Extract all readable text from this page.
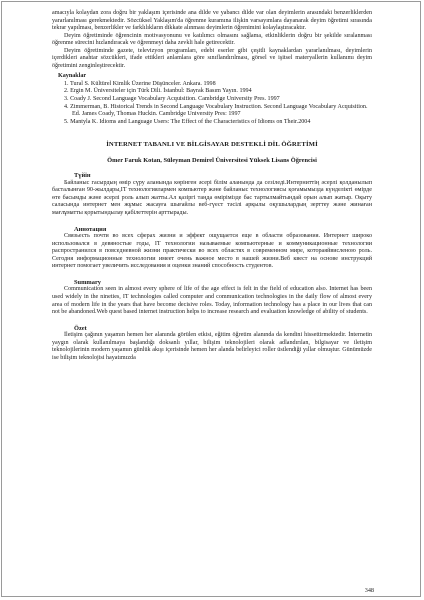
amacıyla kolaydan zora doğru bir yaklaşım içerisinde ana dilde ve yabancı dilde var olan deyimlerin arasındaki benzerliklerden yararlanılması gerekmektedir. Sözcüksel Yaklaşım'da öğrenme kuramına ilişkin varsayımlara dayanarak deyim öğretimi sırasında tekrar yapılması, benzerlikler ve farklılıkların dikkate alınması deyimlerin öğrenimini kolaylaştıracaktır.

Deyim öğretiminde öğrencinin motivasyonunu ve katılımcı olmasını sağlama, etkinliklerin doğru bir şekilde sıralanması öğrenme sürecini hızlandıracak ve öğrenmeyi daha zevkli hale getirecektir.

Deyim öğretiminde gazete, televizyon programları, edebi eserler gibi çeşitli kaynaklardan yararlanılması, deyimlerin içerdikleri anahtar sözcükleri, ifade ettikleri anlamlara göre sınıflandırılması, görsel ve işitsel materyallerin kullanımı deyim öğretimini zenginleştirecektir.

Kaynaklar

1. Tural S. Kültürel Kimlik Üzerine Düşünceler. Ankara. 1998
2. Ergin M. Üniversiteler için Türk Dili. İstanbul: Bayrak Basım Yayın. 1994
3. Coady J. Second Language Vocabulary Acquisition. Cambridge University Pres. 1997
4. Zimmerman, B. Historical Trends in Second Language Vocabulary Instruction. Second Language Vocabulary Acquisition. Ed. James Coady, Thomas Huckin. Cambridge University Pres: 1997
5. Mantyla K. Idioms and Language Users: The Effect of the Characteristics of Idioms on Their.2004

İNTERNET TABANLI VE BİLGİSAYAR DESTEKLİ DİL ÖĞRETİMİ

Ömer Faruk Kotan, Süleyman Demirel Üniversitesi Yüksek Lisans Öğrencisi

Түйін

Байланыс гасырдың өмір сүру аланында көрінген әсері білім аланында да сезіледі.Интерниттің әсерлі қолданылып басталынған 90-жылдары,IT технологиялармен компьютер және байланыс технологиясы қоғамымызда күнделікті өмірде өте басымды және әсерлі роль алып жатты.Ал қазіргі таңда өмірімізде бас тартылмайтындай орын алып жатыр. Оқыту саласында интернет мен жұмыс жасауға шығайлы веб-гүест тәсілі арқылы оқушылардың зерттеу және жинаған мағлұматты қорытындылау қабілеттерін арттырады.

Аннотация

Связьесть почти во всех сферах жизни и эффект ощущается еще в области образования. Интернет широко использовался в девяностые годы, IT технологии называемые компьютерные и коммуникационные технологии распространился в повседневной жизни практически во всех областях в современном мире, котораяйвисленою роль. Сегодня информационные технологии имеет очень важное место в нашей жизни.Веб квест на основе инструкций интернет помогает увеличить исследования и оценки знаний способность студентов.

Summary

Communication seen in almost every sphere of life of the age effect is felt in the field of education also. Internet has been used widely in the nineties, IT technologies called computer and communication technologies in the daily flow of almost every area of modern life in the years that have become decisive roles. Today, information technology has a place in our lives that can not be abandoned.Web quest based internet instruction helps to increase research and evaluation knowledge of ability of students.

Özet

İletişim çağının yaşamın hemen her alanında görülen etkisi, eğitim öğretim alanında da kendini hissettirmektedir. İnternetin yaygın olarak kullanılmaya başlandığı doksanlı yıllar, bilişim teknolojileri olarak adlandırılan, bilgisayar ve iletişim teknolojilerinin modern yaşamın günlük akışı içerisinde hemen her alanda belirleyici roller üstlendiği yıllar olmuştur. Günümüzde ise bilişim teknolojisi hayatımızda

348
